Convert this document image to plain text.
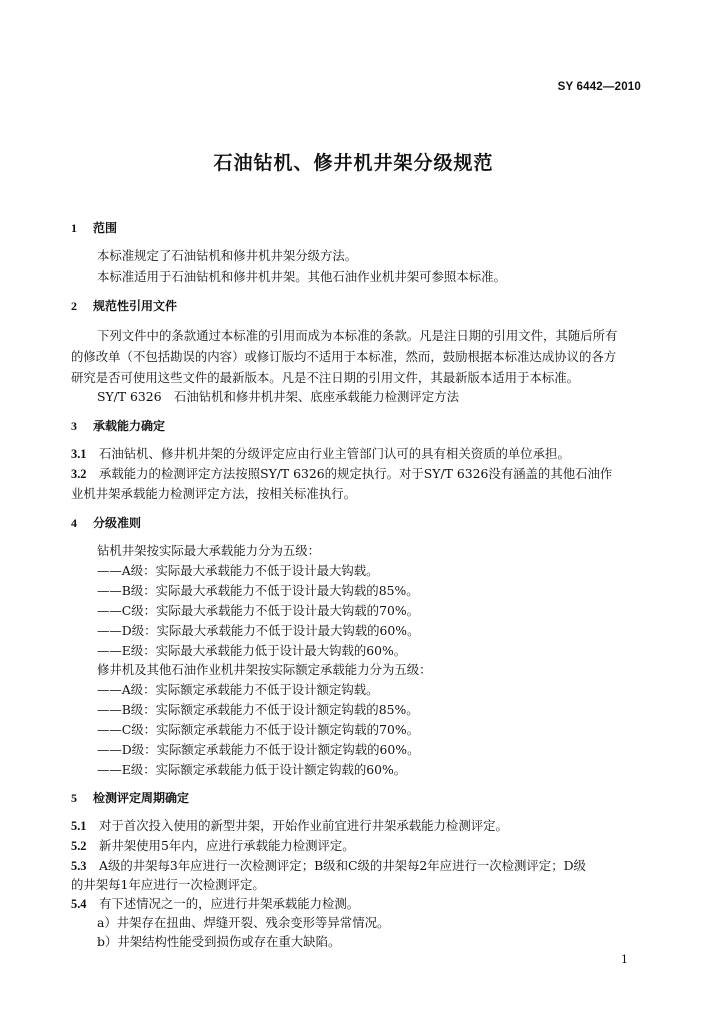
SY 6442—2010
石油钻机、修井机井架分级规范
1 范围
本标准规定了石油钻机和修井机井架分级方法。
本标准适用于石油钻机和修井机井架。其他石油作业机井架可参照本标准。
2 规范性引用文件
下列文件中的条款通过本标准的引用而成为本标准的条款。凡是注日期的引用文件，其随后所有
的修改单（不包括勘误的内容）或修订版均不适用于本标准，然而，鼓励根据本标准达成协议的各方
研究是否可使用这些文件的最新版本。凡是不注日期的引用文件，其最新版本适用于本标准。
SY/T 6326　石油钻机和修井机井架、底座承载能力检测评定方法
3 承载能力确定
3.1 石油钻机、修井机井架的分级评定应由行业主管部门认可的具有相关资质的单位承担。
3.2 承载能力的检测评定方法按照SY/T 6326的规定执行。对于SY/T 6326没有涵盖的其他石油作
业机井架承载能力检测评定方法，按相关标准执行。
4 分级准则
钻机井架按实际最大承载能力分为五级：
——A级：实际最大承载能力不低于设计最大钩载。
——B级：实际最大承载能力不低于设计最大钩载的85%。
——C级：实际最大承载能力不低于设计最大钩载的70%。
——D级：实际最大承载能力不低于设计最大钩载的60%。
——E级：实际最大承载能力低于设计最大钩载的60%。
修井机及其他石油作业机井架按实际额定承载能力分为五级：
——A级：实际额定承载能力不低于设计额定钩载。
——B级：实际额定承载能力不低于设计额定钩载的85%。
——C级：实际额定承载能力不低于设计额定钩载的70%。
——D级：实际额定承载能力不低于设计额定钩载的60%。
——E级：实际额定承载能力低于设计额定钩载的60%。
5 检测评定周期确定
5.1 对于首次投入使用的新型井架，开始作业前宜进行井架承载能力检测评定。
5.2 新井架使用5年内，应进行承载能力检测评定。
5.3 A级的井架每3年应进行一次检测评定；B级和C级的井架每2年应进行一次检测评定；D级
的井架每1年应进行一次检测评定。
5.4 有下述情况之一的，应进行井架承载能力检测。
a）井架存在扭曲、焊缝开裂、残余变形等异常情况。
b）井架结构性能受到损伤或存在重大缺陷。
1
